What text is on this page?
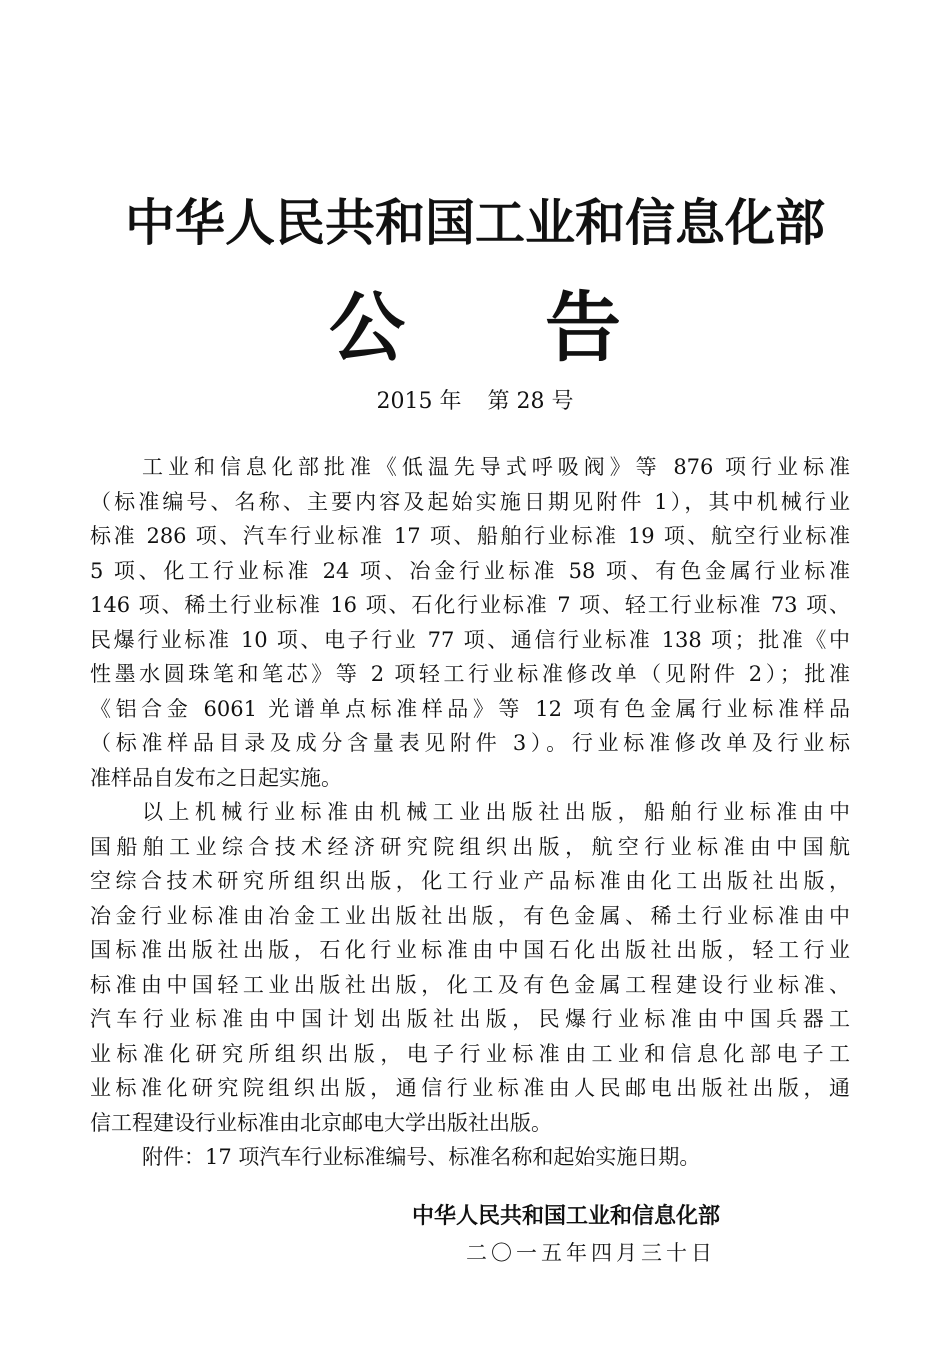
中华人民共和国工业和信息化部
公 告
2015 年 第 28 号
工业和信息化部批准《低温先导式呼吸阀》等 876 项行业标准
（标准编号、名称、主要内容及起始实施日期见附件 1），其中机械行业
标准 286 项、汽车行业标准 17 项、船舶行业标准 19 项、航空行业标准
5 项、化工行业标准 24 项、冶金行业标准 58 项、有色金属行业标准
146 项、稀土行业标准 16 项、石化行业标准 7 项、轻工行业标准 73 项、
民爆行业标准 10 项、电子行业 77 项、通信行业标准 138 项；批准《中
性墨水圆珠笔和笔芯》等 2 项轻工行业标准修改单（见附件 2）；批准
《铝合金 6061 光谱单点标准样品》等 12 项有色金属行业标准样品
（标准样品目录及成分含量表见附件 3）。行业标准修改单及行业标
准样品自发布之日起实施。
以上机械行业标准由机械工业出版社出版，船舶行业标准由中
国船舶工业综合技术经济研究院组织出版，航空行业标准由中国航
空综合技术研究所组织出版，化工行业产品标准由化工出版社出版，
冶金行业标准由冶金工业出版社出版，有色金属、稀土行业标准由中
国标准出版社出版，石化行业标准由中国石化出版社出版，轻工行业
标准由中国轻工业出版社出版，化工及有色金属工程建设行业标准、
汽车行业标准由中国计划出版社出版，民爆行业标准由中国兵器工
业标准化研究所组织出版，电子行业标准由工业和信息化部电子工
业标准化研究院组织出版，通信行业标准由人民邮电出版社出版，通
信工程建设行业标准由北京邮电大学出版社出版。
附件：17 项汽车行业标准编号、标准名称和起始实施日期。
中华人民共和国工业和信息化部
二〇一五年四月三十日
